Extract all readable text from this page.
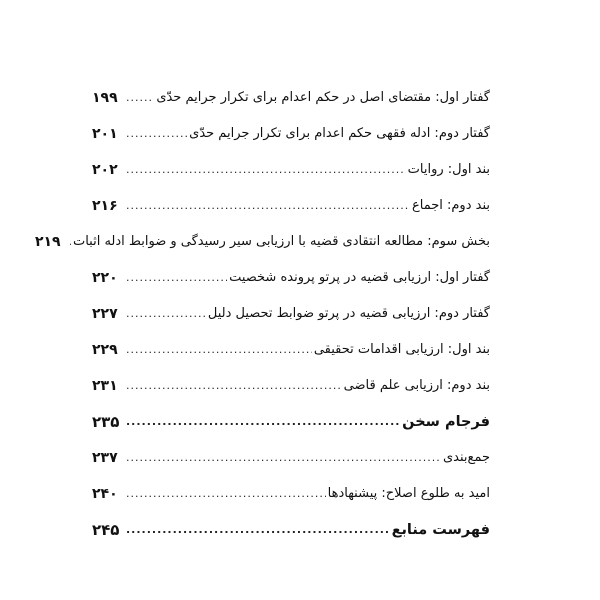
گفتار اول: مقتضای اصل در حکم اعدام برای تکرار جرایم حدّی
.....
۱۹۹
گفتار دوم: ادله فقهی حکم اعدام برای تکرار جرایم حدّی
.....
۲۰۱
بند اول: روایات
.....
۲۰۲
بند دوم: اجماع
.....
۲۱۶
بخش سوم: مطالعه انتقادی قضیه با ارزیابی سیر رسیدگی و ضوابط ادله اثبات
.....
۲۱۹
گفتار اول: ارزیابی قضیه در پرتو پرونده شخصیت
.....
۲۲۰
گفتار دوم: ارزیابی قضیه در پرتو ضوابط تحصیل دلیل
.....
۲۲۷
بند اول: ارزیابی اقدامات تحقیقی
.....
۲۲۹
بند دوم: ارزیابی علم قاضی
.....
۲۳۱
فرجام سخن
.....
۲۳۵
جمع‌بندی
.....
۲۳۷
امید به طلوع اصلاح: پیشنهادها
.....
۲۴۰
فهرست منابع
.....
۲۴۵
